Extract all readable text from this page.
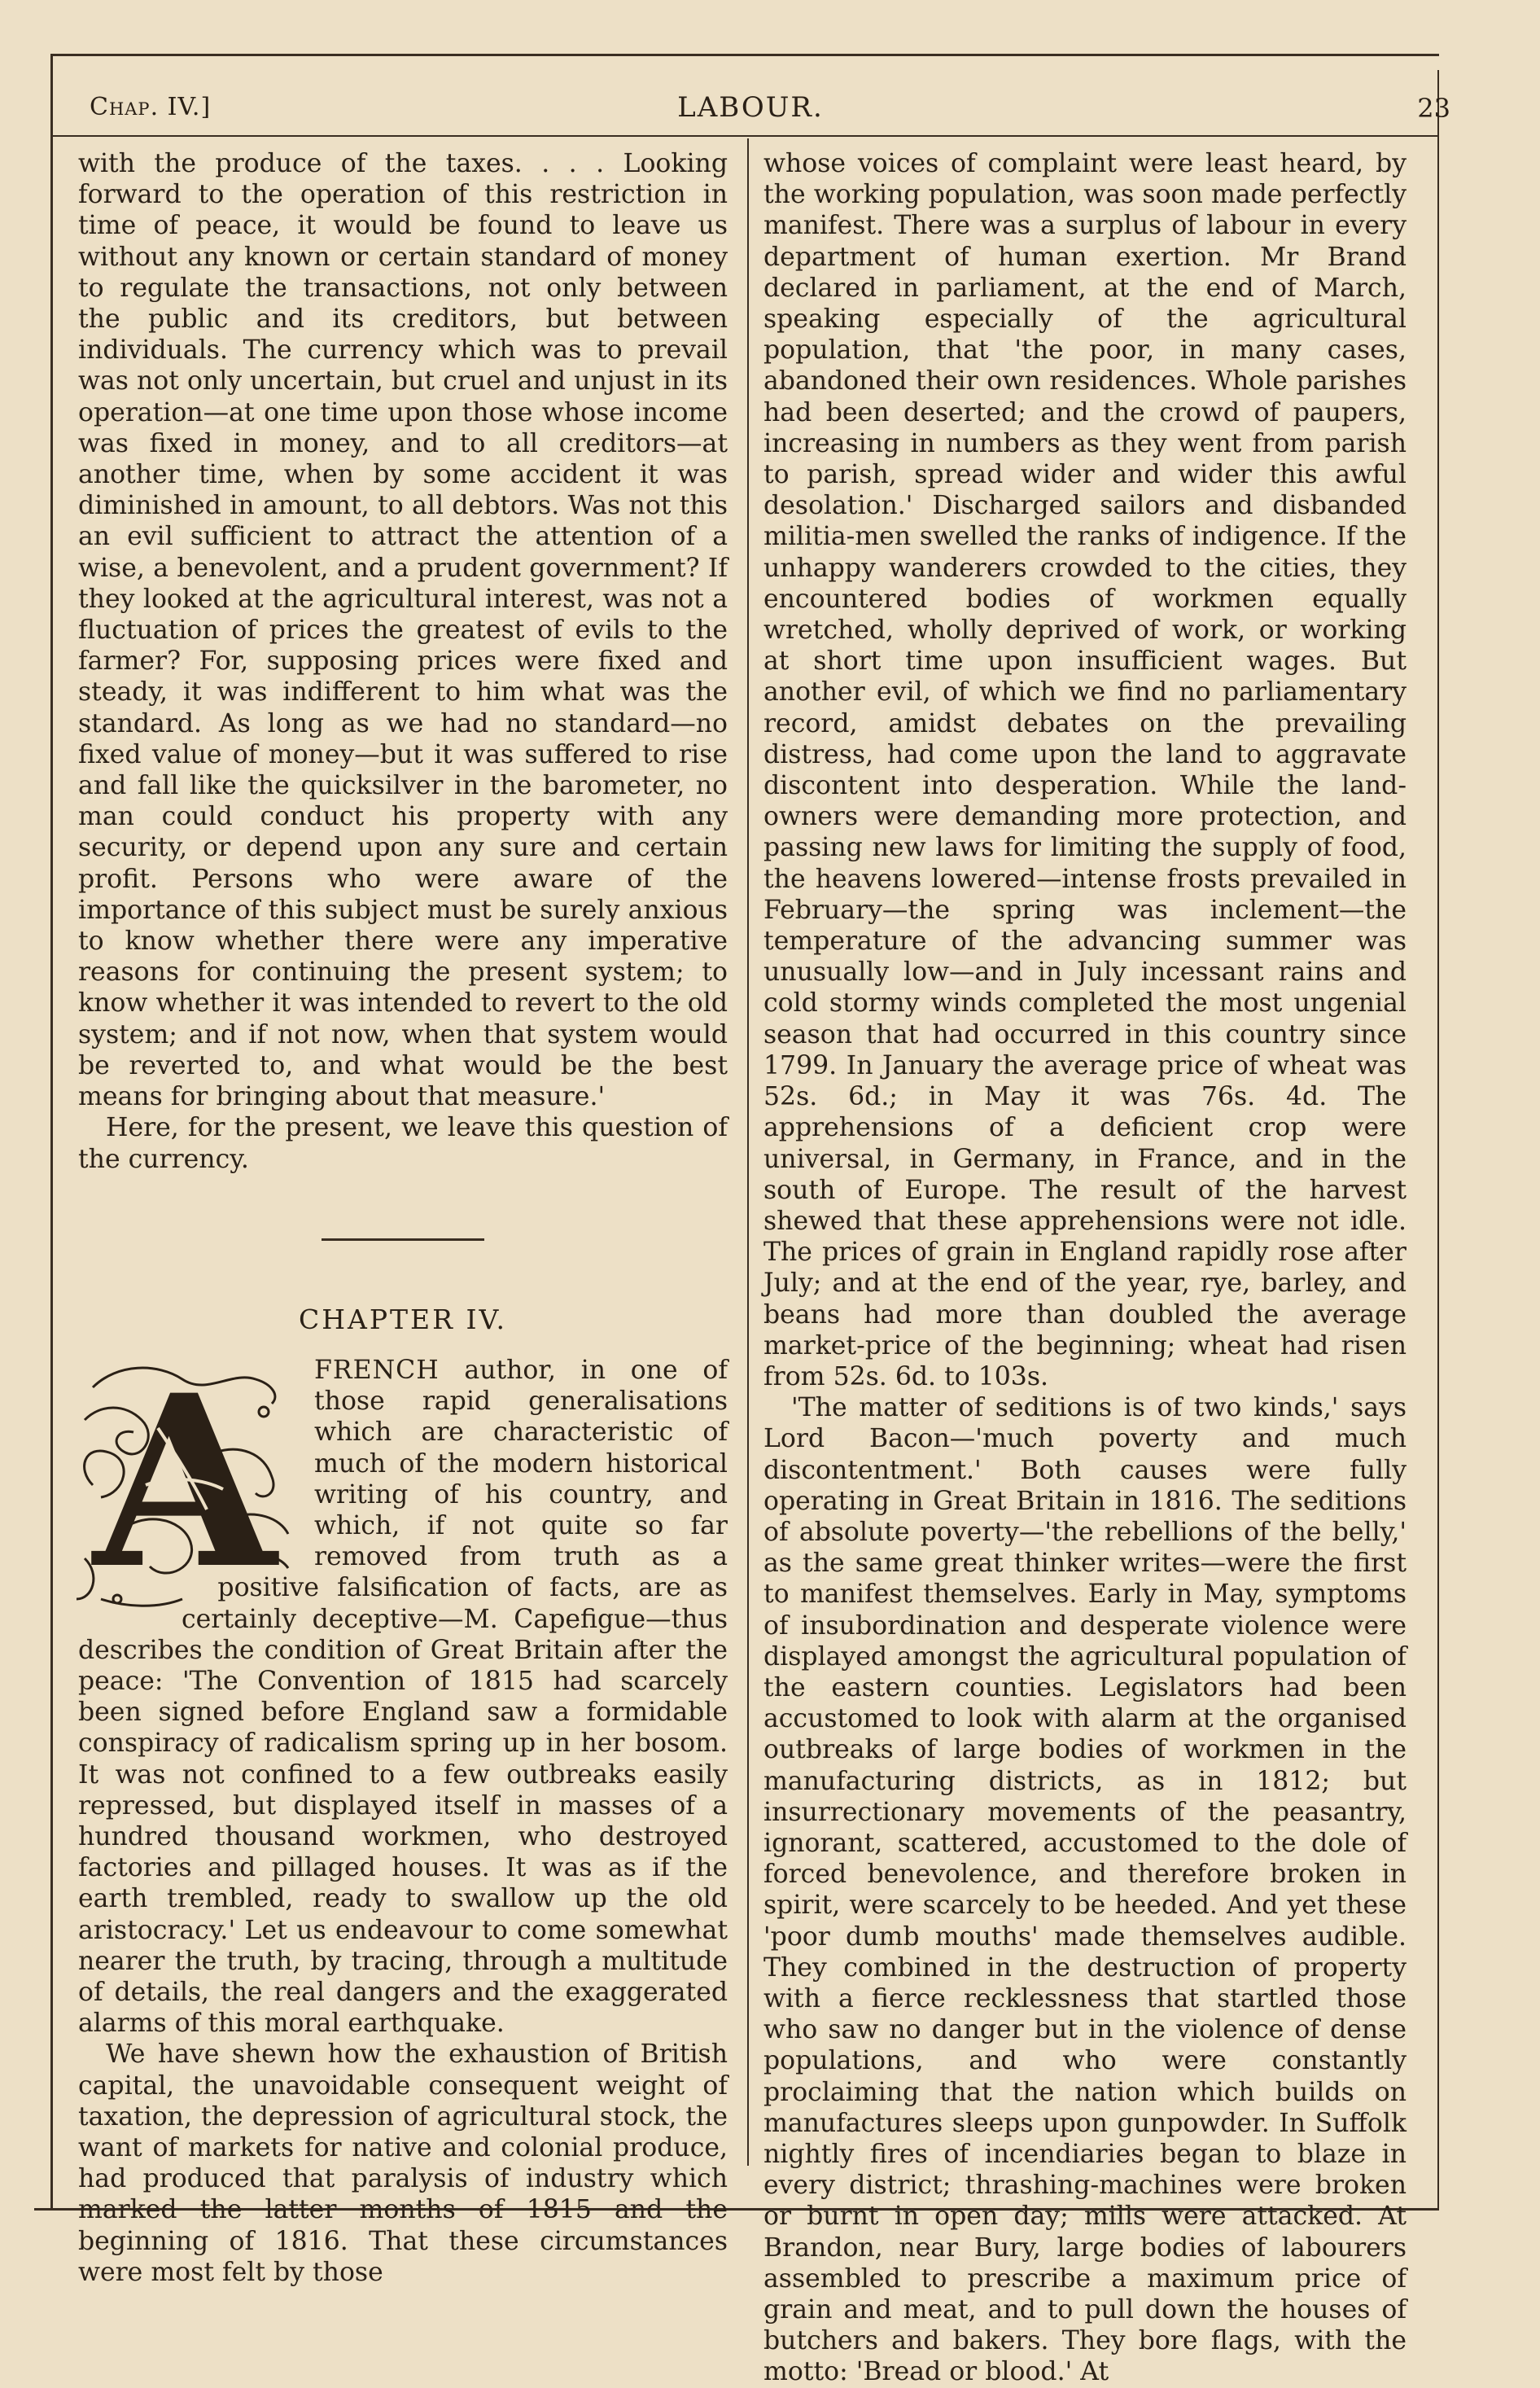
Chap. IV.]	LABOUR.	23

with the produce of the taxes. . . . Looking forward to the operation of this restriction in time of peace, it would be found to leave us without any known or certain standard of money to regulate the transactions, not only between the public and its creditors, but between individuals. The currency which was to prevail was not only uncertain, but cruel and unjust in its operation—at one time upon those whose income was fixed in money, and to all creditors—at another time, when by some accident it was diminished in amount, to all debtors. Was not this an evil sufficient to attract the attention of a wise, a benevolent, and a prudent government? If they looked at the agricultural interest, was not a fluctuation of prices the greatest of evils to the farmer? For, supposing prices were fixed and steady, it was indifferent to him what was the standard. As long as we had no standard—no fixed value of money—but it was suffered to rise and fall like the quicksilver in the barometer, no man could conduct his property with any security, or depend upon any sure and certain profit. Persons who were aware of the importance of this subject must be surely anxious to know whether there were any imperative reasons for continuing the present system; to know whether it was intended to revert to the old system; and if not now, when that system would be reverted to, and what would be the best means for bringing about that measure.'

Here, for the present, we leave this question of the currency.

CHAPTER IV.

A FRENCH author, in one of those rapid generalisations which are characteristic of much of the modern historical writing of his country, and which, if not quite so far removed from truth as a positive falsification of facts, are as certainly deceptive—M. Capefigue—thus describes the condition of Great Britain after the peace: 'The Convention of 1815 had scarcely been signed before England saw a formidable conspiracy of radicalism spring up in her bosom. It was not confined to a few outbreaks easily repressed, but displayed itself in masses of a hundred thousand workmen, who destroyed factories and pillaged houses. It was as if the earth trembled, ready to swallow up the old aristocracy.' Let us endeavour to come somewhat nearer the truth, by tracing, through a multitude of details, the real dangers and the exaggerated alarms of this moral earthquake.

We have shewn how the exhaustion of British capital, the unavoidable consequent weight of taxation, the depression of agricultural stock, the want of markets for native and colonial produce, had produced that paralysis of industry which marked the latter months of 1815 and the beginning of 1816. That these circumstances were most felt by those

whose voices of complaint were least heard, by the working population, was soon made perfectly manifest. There was a surplus of labour in every department of human exertion. Mr Brand declared in parliament, at the end of March, speaking especially of the agricultural population, that 'the poor, in many cases, abandoned their own residences. Whole parishes had been deserted; and the crowd of paupers, increasing in numbers as they went from parish to parish, spread wider and wider this awful desolation.' Discharged sailors and disbanded militia-men swelled the ranks of indigence. If the unhappy wanderers crowded to the cities, they encountered bodies of workmen equally wretched, wholly deprived of work, or working at short time upon insufficient wages. But another evil, of which we find no parliamentary record, amidst debates on the prevailing distress, had come upon the land to aggravate discontent into desperation. While the land-owners were demanding more protection, and passing new laws for limiting the supply of food, the heavens lowered—intense frosts prevailed in February—the spring was inclement—the temperature of the advancing summer was unusually low—and in July incessant rains and cold stormy winds completed the most ungenial season that had occurred in this country since 1799. In January the average price of wheat was 52s. 6d.; in May it was 76s. 4d. The apprehensions of a deficient crop were universal, in Germany, in France, and in the south of Europe. The result of the harvest shewed that these apprehensions were not idle. The prices of grain in England rapidly rose after July; and at the end of the year, rye, barley, and beans had more than doubled the average market-price of the beginning; wheat had risen from 52s. 6d. to 103s.

'The matter of seditions is of two kinds,' says Lord Bacon—'much poverty and much discontentment.' Both causes were fully operating in Great Britain in 1816. The seditions of absolute poverty—'the rebellions of the belly,' as the same great thinker writes—were the first to manifest themselves. Early in May, symptoms of insubordination and desperate violence were displayed amongst the agricultural population of the eastern counties. Legislators had been accustomed to look with alarm at the organised outbreaks of large bodies of workmen in the manufacturing districts, as in 1812; but insurrectionary movements of the peasantry, ignorant, scattered, accustomed to the dole of forced benevolence, and therefore broken in spirit, were scarcely to be heeded. And yet these 'poor dumb mouths' made themselves audible. They combined in the destruction of property with a fierce recklessness that startled those who saw no danger but in the violence of dense populations, and who were constantly proclaiming that the nation which builds on manufactures sleeps upon gunpowder. In Suffolk nightly fires of incendiaries began to blaze in every district; thrashing-machines were broken or burnt in open day; mills were attacked. At Brandon, near Bury, large bodies of labourers assembled to prescribe a maximum price of grain and meat, and to pull down the houses of butchers and bakers. They bore flags, with the motto: 'Bread or blood.' At
